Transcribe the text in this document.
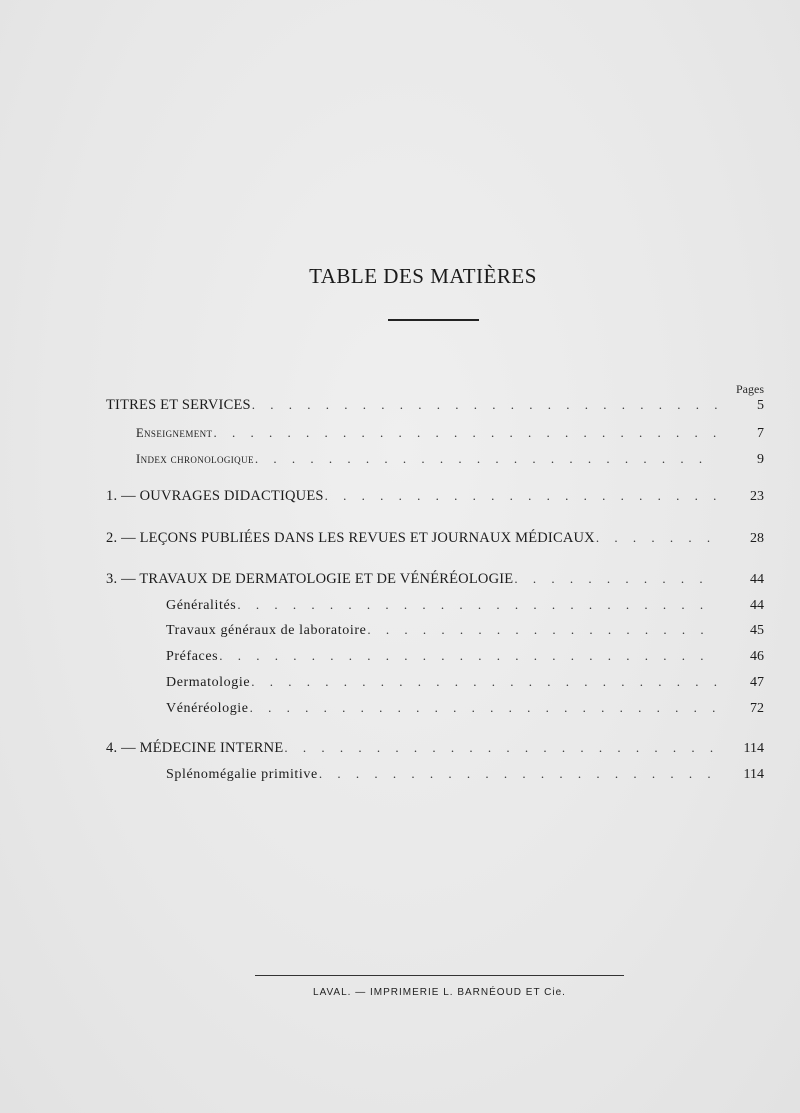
TABLE DES MATIÈRES
Pages
TITRES ET SERVICES . . .	5
Enseignement . . .	7
Index chronologique . . .	9
1. — OUVRAGES DIDACTIQUES . . .	23
2. — LEÇONS PUBLIÉES DANS LES REVUES ET JOURNAUX MÉDICAUX . . .	28
3. — TRAVAUX DE DERMATOLOGIE ET DE VÉNÉRÉOLOGIE . . .	44
Généralités . . .	44
Travaux généraux de laboratoire . . .	45
Préfaces . . .	46
Dermatologie . . .	47
Vénéréologie . . .	72
4. — MÉDECINE INTERNE . . .	114
Splénomégalie primitive . . .	114
LAVAL. — IMPRIMERIE L. BARNÉOUD ET Cie.
